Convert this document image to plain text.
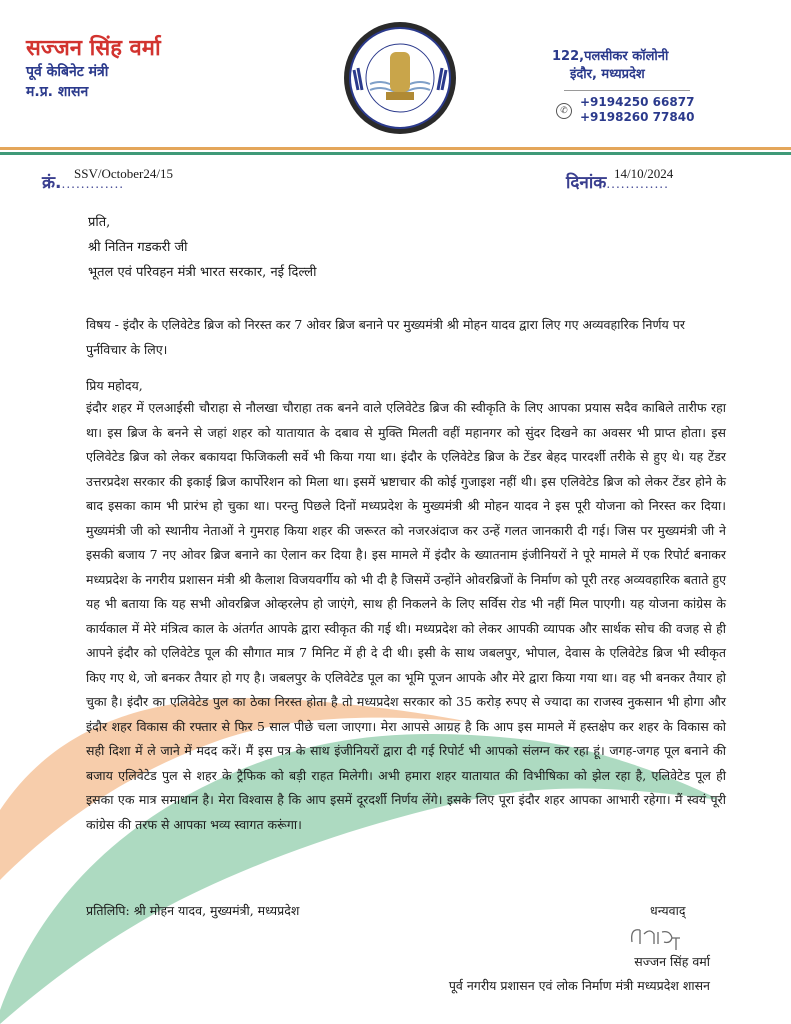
सज्जन सिंह वर्मा
पूर्व केबिनेट मंत्री
म.प्र. शासन
122,पलसीकर कॉलोनी
इंदौर, मध्यप्रदेश
✆
+9194250 66877
+9198260 77840
क्रं..............
SSV/October24/15	दिनांक.............
14/10/2024
प्रति,
श्री नितिन गडकरी जी
भूतल एवं परिवहन मंत्री भारत सरकार, नई दिल्ली
विषय - इंदौर के एलिवेटेड ब्रिज को निरस्त कर 7 ओवर ब्रिज बनाने पर मुख्यमंत्री श्री मोहन यादव द्वारा लिए गए अव्यवहारिक निर्णय पर पुर्नविचार के लिए।
प्रिय महोदय,
इंदौर शहर में एलआईसी चौराहा से नौलखा चौराहा तक बनने वाले एलिवेटेड ब्रिज की स्वीकृति के लिए आपका प्रयास सदैव काबिले तारीफ रहा था। इस ब्रिज के बनने से जहां शहर को यातायात के दबाव से मुक्ति मिलती वहीं महानगर को सुंदर दिखने का अवसर भी प्राप्त होता। इस एलिवेटेड ब्रिज को लेकर बकायदा फिजिकली सर्वे भी किया गया था। इंदौर के एलिवेटेड ब्रिज के टेंडर बेहद पारदर्शी तरीके से हुए थे। यह टेंडर उत्तरप्रदेश सरकार की इकाई ब्रिज कार्पोरेशन को मिला था। इसमें भ्रष्टाचार की कोई गुजाइश नहीं थी। इस एलिवेटेड ब्रिज को लेकर टेंडर होने के बाद इसका काम भी प्रारंभ हो चुका था। परन्तु पिछले दिनों मध्यप्रदेश के मुख्यमंत्री श्री मोहन यादव ने इस पूरी योजना को निरस्त कर दिया। मुख्यमंत्री जी को स्थानीय नेताओं ने गुमराह किया शहर की जरूरत को नजरअंदाज कर उन्हें गलत जानकारी दी गई। जिस पर मुख्यमंत्री जी ने इसकी बजाय 7 नए ओवर ब्रिज बनाने का ऐलान कर दिया है। इस मामले में इंदौर के ख्यातनाम इंजीनियरों ने पूरे मामले में एक रिपोर्ट बनाकर मध्यप्रदेश के नगरीय प्रशासन मंत्री श्री कैलाश विजयवर्गीय को भी दी है जिसमें उन्होंने ओवरब्रिजों के निर्माण को पूरी तरह अव्यवहारिक बताते हुए यह भी बताया कि यह सभी ओवरब्रिज ओव्हरलेप हो जाएंगे, साथ ही निकलने के लिए सर्विस रोड भी नहीं मिल पाएगी। यह योजना कांग्रेस के कार्यकाल में मेरे मंत्रित्व काल के अंतर्गत आपके द्वारा स्वीकृत की गई थी। मध्यप्रदेश को लेकर आपकी व्यापक और सार्थक सोच की वजह से ही आपने इंदौर को एलिवेटेड पूल की सौगात मात्र 7 मिनिट में ही दे दी थी। इसी के साथ जबलपुर, भोपाल, देवास के एलिवेटेड ब्रिज भी स्वीकृत किए गए थे, जो बनकर तैयार हो गए है। जबलपुर के एलिवेटेड पूल का भूमि पूजन आपके और मेरे द्वारा किया गया था। वह भी बनकर तैयार हो चुका है। इंदौर का एलिवेटेड पुल का ठेका निरस्त होता है तो मध्यप्रदेश सरकार को 35 करोड़ रुपए से ज्यादा का राजस्व नुकसान भी होगा और इंदौर शहर विकास की रफ्तार से फिर 5 साल पीछे चला जाएगा। मेरा आपसे आग्रह है कि आप इस मामले में हस्तक्षेप कर शहर के विकास को सही दिशा में ले जाने में मदद करें। मैं इस पत्र के साथ इंजीनियरों द्वारा दी गई रिपोर्ट भी आपको संलग्न कर रहा हूं। जगह-जगह पूल बनाने की बजाय एलिवेटेड पुल से शहर के ट्रैफिक को बड़ी राहत मिलेगी। अभी हमारा शहर यातायात की विभीषिका को झेल रहा है, एलिवेटेड पूल ही इसका एक मात्र समाधान है। मेरा विश्वास है कि आप इसमें दूरदर्शी निर्णय लेंगे। इसके लिए पूरा इंदौर शहर आपका आभारी रहेगा। मैं स्वयं पूरी कांग्रेस की तरफ से आपका भव्य स्वागत करूंगा।
प्रतिलिपि: श्री मोहन यादव, मुख्यमंत्री, मध्यप्रदेश	धन्यवाद्
सज्जन सिंह वर्मा
पूर्व नगरीय प्रशासन एवं लोक निर्माण मंत्री मध्यप्रदेश शासन
